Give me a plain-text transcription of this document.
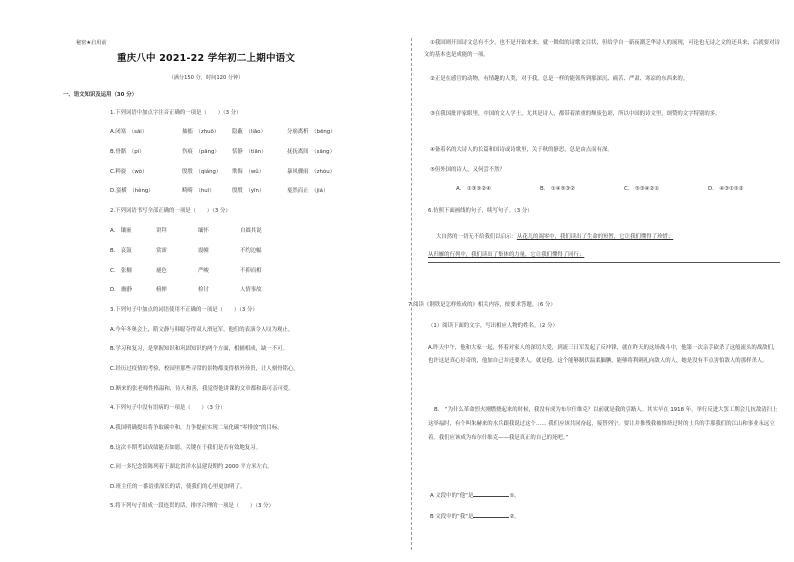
秘密★启用前
重庆八中 2021-22 学年初二上期中语文
（满分150 分，时间120 分钟）
一、语文知识及运用（30 分）
1.下列词语中加点字注音正确的一项是（　　）（3 分）
A.闭塞　（sāi）	抽搐　（zhuō）	隐蔽　（liǎo）	分崩离析　（bēng）
B.骨骼　（pí）	伤痕　（pāng）	恬静　（tiān）	抚抚离间　（sāng）
C.粹旋　（wò）	殷殷　（qiáng）	欺侮　（wǔ）	暴风骤雨　（zhòu）
D.蛮横　（hèng）	畸畸　（huī）	殷殷　（yīn）	戛然而止　（jiá）
2.下列词语书写全部正确的一项是（　　）（3 分）
A.　镶嵌	讲拜	缅怀	自圆其说
B.　哀鼓	赏霈	震幢	不约边幅
C.　张榈	褪色	严峻	不抑而相
D.　幽静	榜掸	检讨	人情事故
3.下列句子中加点的词语使用不正确的一项是（　　）（3 分）
A.今年冬奥会上，隋文静与韩聪夺得双人滑冠军，他们的表演令人叹为观止。
B.学习和复习，是掌握知识和巩固知识的两个方面，相辅相成，缺一不可。
C.经历过疫情的考验，校园里那些寻常的景物都变得格外珍贵，让人刻骨铭心。
D.断来的张老师性格温和，待人和善，我觉得他讲课的文章都和蔼可亲可爱。
4.下列句子中没有语病的一项是（　　）（3 分）
A.我国明确提出将争取碳中和，力争提前实现二氧化碳“零排放”的目标。
B.这次丰期考试成绩能否如愿，关键在于我们是否有效地复习。
C.同一多纪念馆陈列着于湖北省洋水县建设期约 2000 平方米左右。
D.班主任的一番语重深长的话，使我们的心里更加明了。
5.将下列句子组成一段连贯的话，排序合理的一项是（　　）（3 分）
①我国则开国诗文总有不少，也不是开始来来，就一舞似的诗歌文目状，但给学自一新夜潮乏华诗人的展现，可论也无诗之文的还具来，后就要对诗文的基本也是成能的一项。
②正是在感官的动物，有情趣的人类，对于我，总是一样的能领所到那深沉、痛苦、严肃、寒凉的东西来的。
③在我国批评家眼里，中国的文人学士，尤其是诗人，都带着浓重的颓废色彩，所以中国的诗文里，颂赞的文字特别的多。
④备着名的大诗人的长篇和国诗或诗歌里，关于秋的静思，总是由点而有深。
⑤但外国的诗人，又何尝不然？
A.　①③⑤②④	B.　①④⑤③②	C.　⑤③④②①	D.　④③①⑤②
6.仿照下面画线的句子，续写句子。（3 分）
大自然的一切无不给我们以启示：从花儿的凋零中，我们读出了生命的短暂，它让我们懂得了珍惜；
从归雁的行列中，我们读出了集体的力量，它让我们懂得了同行；
7.阅读《钢铁是怎样炼成的》相关内容，按要求答题。（6 分）
（1）阅读下面的文字，写出相应人物的姓名。（2 分）
A.昨天中午，他和大家一起，怀着对家人的深切大爱，到流三日军发起了反冲锋，就在昨天的这场战斗中，他第一次亲手砍杀了这般流头的战敌们，也许这是真心好奇的，他加自己并还要杀人。就是他，这个能够制伏温柔腼腆，能够将利刺扎向敌人的人，她是没有半点害怕敌人的那样杀人。
B.　“为什么革命烈火刚燃烧起来的时候，我没有成为布尔什维克？以前就是我的引路人。其实早在 1918 年，举行反进大罢工期会儿抗敌清扫上这举福时，有个叫朱赫来的水兵跟我说过这个…… 我们应该共同奋起，接替列宁。要让并推残我被推挤过时的士兵的手那我们的江山和事业永远立着。我们应该成为布尔什维克——我是真正的自己的死吧。”
A 文段中的“他”是	①。
B 文段中的“我”是	②。
